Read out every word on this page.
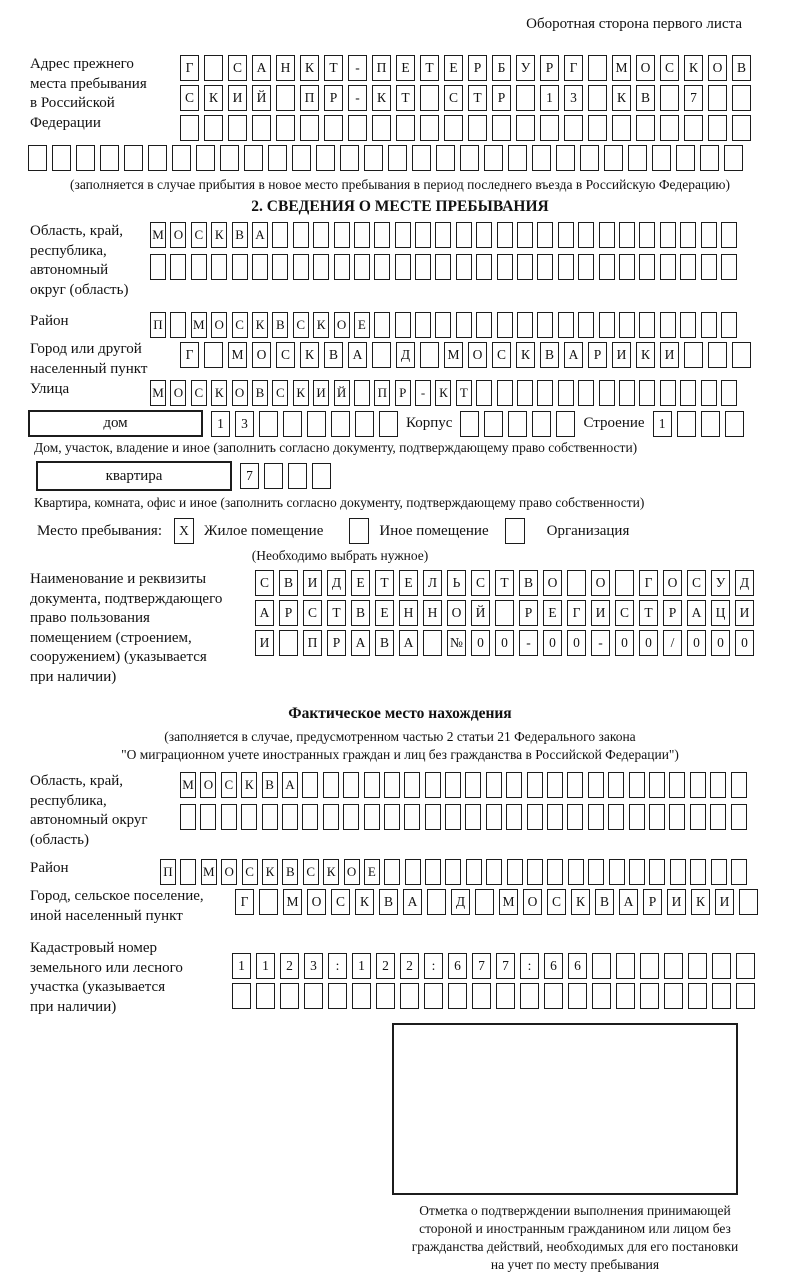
Оборотная сторона первого листа
Адрес прежнего
места пребывания
в Российской
Федерации
Г	С	А	Н	К	Т	-	П	Е	Т	Е	Р	Б	У	Р	Г	М О	С	К	О	В
С	К	И	Й	П	Р	-	К	Т	С	Т	Р	1	3	К	В	7
(заполняется в случае прибытия в новое место пребывания в период последнего въезда в Российскую Федерацию)
2. СВЕДЕНИЯ О МЕСТЕ ПРЕБЫВАНИЯ
Область, край,
республика,
автономный
округ (область)
М О С К В А
Район	П М О С К В С К О Е
Город или другой
населенный пункт
Г	М О	С	К	В	А	Д	М О	С	К	В	А	Р	И	К	И
Улица	М О С К О В С К И Й П Р	-	К Т
дом	1	3	Корпус	Строение	1
Дом, участок, владение и иное (заполнить согласно документу, подтверждающему право собственности)
квартира	7
Квартира, комната, офис и иное (заполнить согласно документу, подтверждающему право собственности)
Место пребывания:	X	Жилое помещение	Иное помещение	Организация
(Необходимо выбрать нужное)
Наименование и реквизиты
документа, подтверждающего
право пользования
помещением (строением,
сооружением) (указывается
при наличии)
С	В	И	Д	Е	Т	Е	Л	Ь	С	Т	В	О	О	Г	О	С	У	Д
А	Р	С	Т	В	Е	Н	Н	О	Й	Р	Е	Г	И	С	Т	Р	А	Ц	И
И	П	Р	А	В	А	№	0	0	-	0	0	-	0	0	/	0	0	0
Фактическое место нахождения
(заполняется в случае, предусмотренном частью 2 статьи 21 Федерального закона
"О миграционном учете иностранных граждан и лиц без гражданства в Российской Федерации")
Область, край,
республика,
автономный округ
(область)
М О С К В А
Район	П М О С К В С К О Е
Город, сельское поселение,
иной населенный пункт
Г	М О	С	К	В	А	Д	М О	С	К	В	А	Р	И	К	И
Кадастровый номер
земельного или лесного
участка (указывается
при наличии)
1	1	2	3	:	1	2	2	:	6	7	7	:	6	6
Отметка о подтверждении выполнения принимающей
стороной и иностранным гражданином или лицом без
гражданства действий, необходимых для его постановки
на учет по месту пребывания
